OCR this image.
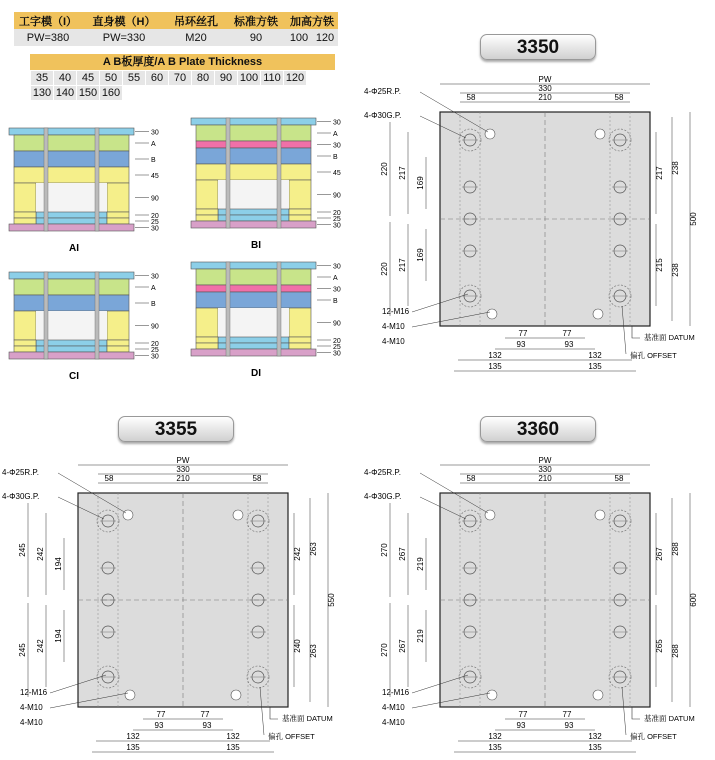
工字模（I）	直身模（H）	吊环丝孔	标准方铁	加高方铁	
PW=380	PW=330	M20	90	100	120
A B板厚度/A B Plate Thickness
35	40	45	50	55	60	70	80	90	100	110	120
130	140	150	160								
30
A
B
45
90
20
25
30
AI
30
A
30
B
45
90
20
25
30
BI
30
A
B
90
20
25
30
CI
30
A
30
B
90
20
25
30
DI
3350
3355	3360
PW
330
210
58	58
4-Φ25R.P.
4-Φ30G.P.
12-M16
4-M10
4-M10
220 217
169
220 217
169
217 238
215 238
500
77	77
93	93
132	132
135	135
基准面 DATUM
偏孔 OFFSET
PW
330
210
58	58
4-Φ25R.P.
4-Φ30G.P.
12-M16
4-M10
4-M10
245 242
194
245 242
194
242 263
240 263
550
77	77
93	93
132	132
135	135
基准面 DATUM
偏孔 OFFSET
PW
330
210
58	58
4-Φ25R.P.
4-Φ30G.P.
12-M16
4-M10
4-M10
270 267
219
270 267
219
267 288
265 288
600
77	77
93	93
132	132
135	135
基准面 DATUM
偏孔 OFFSET
